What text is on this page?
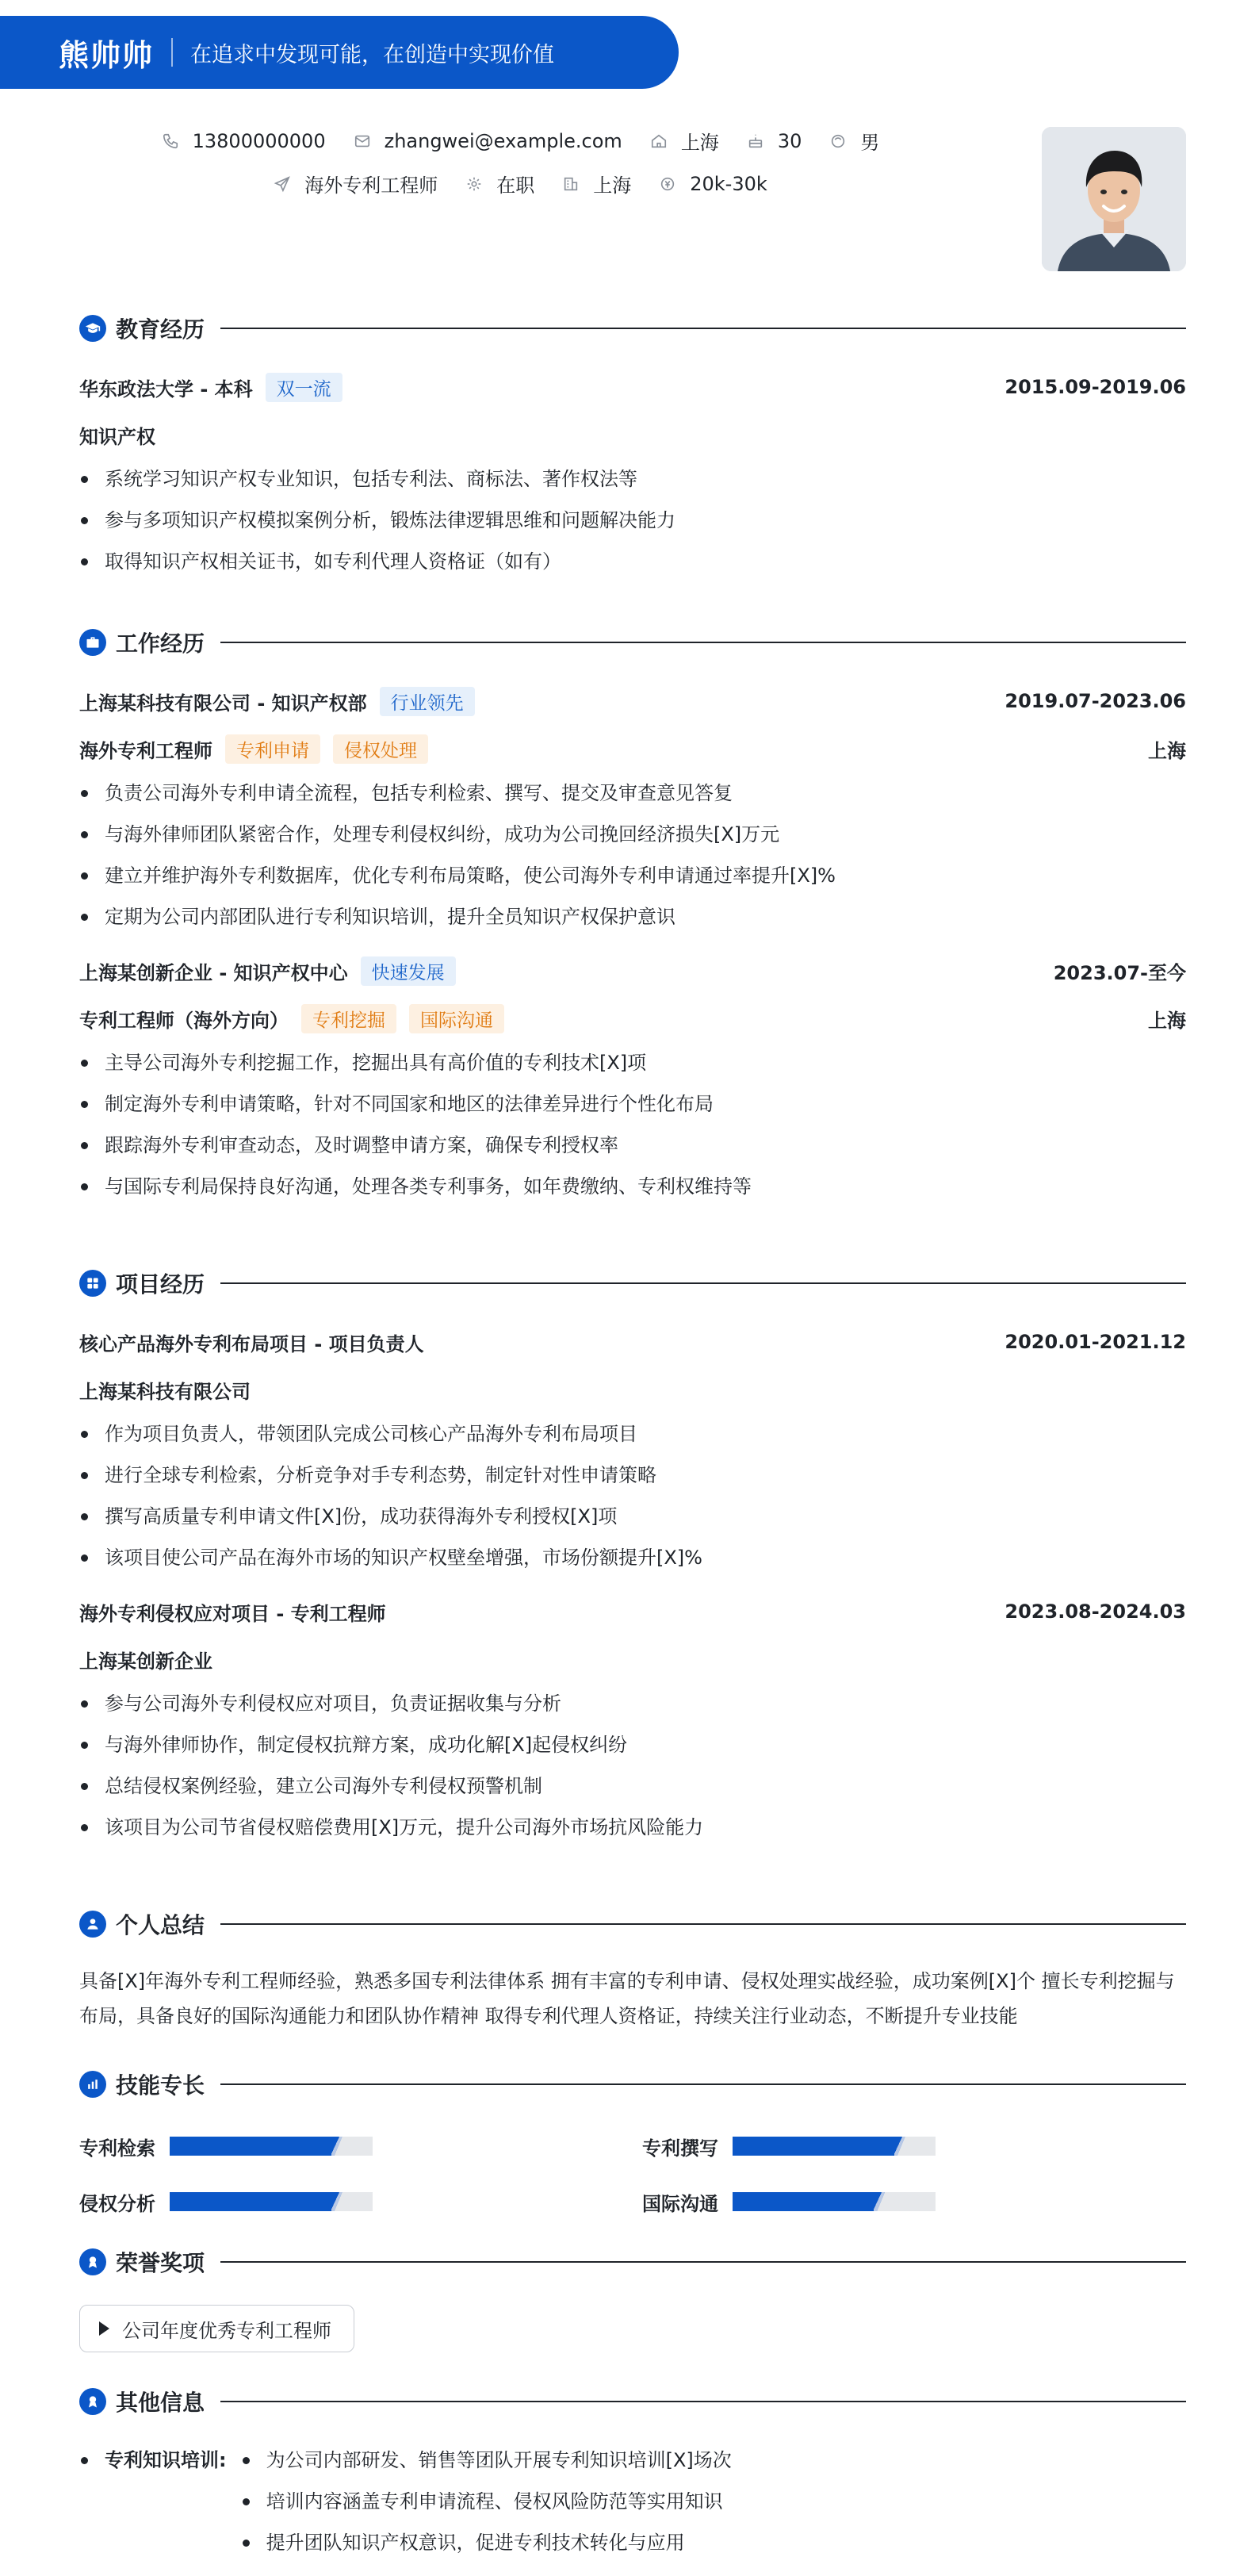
熊帅帅 在追求中发现可能，在创造中实现价值
13800000000	zhangwei@example.com	上海	30	男
海外专利工程师	在职	上海	20k-30k
教育经历
华东政法大学 - 本科	双一流	2015.09-2019.06
知识产权
系统学习知识产权专业知识，包括专利法、商标法、著作权法等
参与多项知识产权模拟案例分析，锻炼法律逻辑思维和问题解决能力
取得知识产权相关证书，如专利代理人资格证（如有）
工作经历
上海某科技有限公司 - 知识产权部	行业领先	2019.07-2023.06
海外专利工程师	专利申请	侵权处理	上海
负责公司海外专利申请全流程，包括专利检索、撰写、提交及审查意见答复
与海外律师团队紧密合作，处理专利侵权纠纷，成功为公司挽回经济损失[X]万元
建立并维护海外专利数据库，优化专利布局策略，使公司海外专利申请通过率提升[X]%
定期为公司内部团队进行专利知识培训，提升全员知识产权保护意识
上海某创新企业 - 知识产权中心	快速发展	2023.07-至今
专利工程师（海外方向）	专利挖掘	国际沟通	上海
主导公司海外专利挖掘工作，挖掘出具有高价值的专利技术[X]项
制定海外专利申请策略，针对不同国家和地区的法律差异进行个性化布局
跟踪海外专利审查动态，及时调整申请方案，确保专利授权率
与国际专利局保持良好沟通，处理各类专利事务，如年费缴纳、专利权维持等
项目经历
核心产品海外专利布局项目 - 项目负责人	2020.01-2021.12
上海某科技有限公司
作为项目负责人，带领团队完成公司核心产品海外专利布局项目
进行全球专利检索，分析竞争对手专利态势，制定针对性申请策略
撰写高质量专利申请文件[X]份，成功获得海外专利授权[X]项
该项目使公司产品在海外市场的知识产权壁垒增强，市场份额提升[X]%
海外专利侵权应对项目 - 专利工程师	2023.08-2024.03
上海某创新企业
参与公司海外专利侵权应对项目，负责证据收集与分析
与海外律师协作，制定侵权抗辩方案，成功化解[X]起侵权纠纷
总结侵权案例经验，建立公司海外专利侵权预警机制
该项目为公司节省侵权赔偿费用[X]万元，提升公司海外市场抗风险能力
个人总结

具备[X]年海外专利工程师经验，熟悉多国专利法律体系 拥有丰富的专利申请、侵权处理实战经验，成功案例[X]个 擅长专利挖掘与布局，具备良好的国际沟通能力和团队协作精神 取得专利代理人资格证，持续关注行业动态，不断提升专业技能

技能专长
专利检索	专利撰写
侵权分析	国际沟通
荣誉奖项
公司年度优秀专利工程师
其他信息
专利知识培训:	为公司内部研发、销售等团队开展专利知识培训[X]场次
培训内容涵盖专利申请流程、侵权风险防范等实用知识
提升团队知识产权意识，促进专利技术转化与应用
